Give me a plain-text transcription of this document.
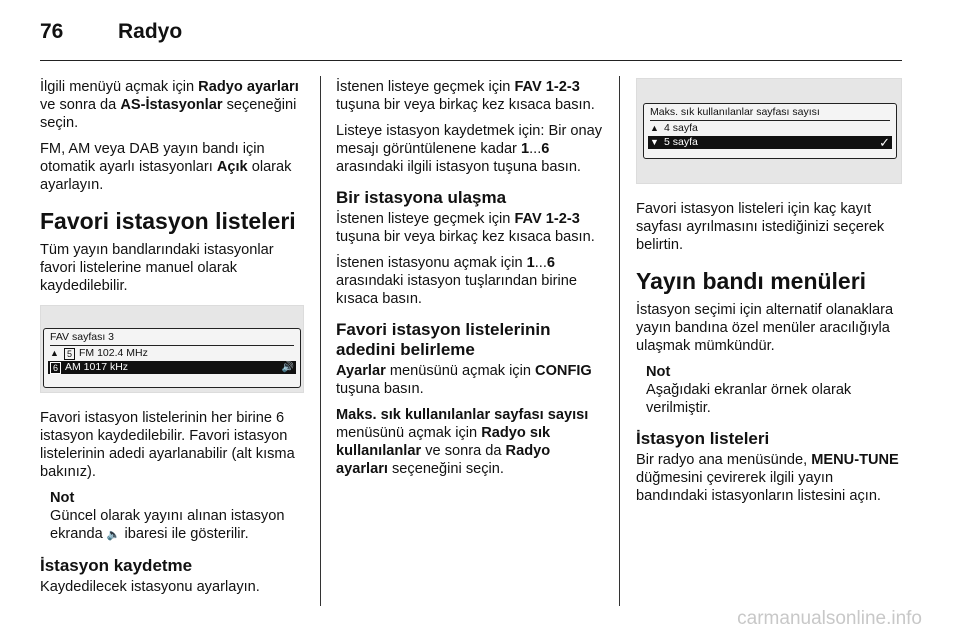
76	Radyo

İlgili menüyü açmak için Radyo ayarları ve sonra da AS-İstasyonlar seçeneğini seçin.

FM, AM veya DAB yayın bandı için otomatik ayarlı istasyonları Açık olarak ayarlayın.

Favori istasyon listeleri

Tüm yayın bandlarındaki istasyonlar favori listelerine manuel olarak kaydedilebilir.

FAV sayfası 3
▲ 5 FM 102.4 MHz
6 AM 1017 kHz	🔊

Favori istasyon listelerinin her birine 6 istasyon kaydedilebilir. Favori istasyon listelerinin adedi ayarlanabilir (alt kısma bakınız).

Not

Güncel olarak yayını alınan istasyon ekranda 🔈 ibaresi ile gösterilir.

İstasyon kaydetme

Kaydedilecek istasyonu ayarlayın.

İstenen listeye geçmek için FAV 1-2-3 tuşuna bir veya birkaç kez kısaca basın.

Listeye istasyon kaydetmek için: Bir onay mesajı görüntülenene kadar 1...6 arasındaki ilgili istasyon tuşuna basın.

Bir istasyona ulaşma

İstenen listeye geçmek için FAV 1-2-3 tuşuna bir veya birkaç kez kısaca basın.

İstenen istasyonu açmak için 1...6 arasındaki istasyon tuşlarından birine kısaca basın.

Favori istasyon listelerinin adedini belirleme

Ayarlar menüsünü açmak için CONFIG tuşuna basın.

Maks. sık kullanılanlar sayfası sayısı menüsünü açmak için Radyo sık kullanılanlar ve sonra da Radyo ayarları seçeneğini seçin.

Maks. sık kullanılanlar sayfası sayısı
▲ 4 sayfa
▼ 5 sayfa	✓

Favori istasyon listeleri için kaç kayıt sayfası ayrılmasını istediğinizi seçerek belirtin.

Yayın bandı menüleri

İstasyon seçimi için alternatif olanaklara yayın bandına özel menüler aracılığıyla ulaşmak mümkündür.

Not

Aşağıdaki ekranlar örnek olarak verilmiştir.

İstasyon listeleri

Bir radyo ana menüsünde, MENU-TUNE düğmesini çevirerek ilgili yayın bandındaki istasyonların listesini açın.

carmanualsonline.info
